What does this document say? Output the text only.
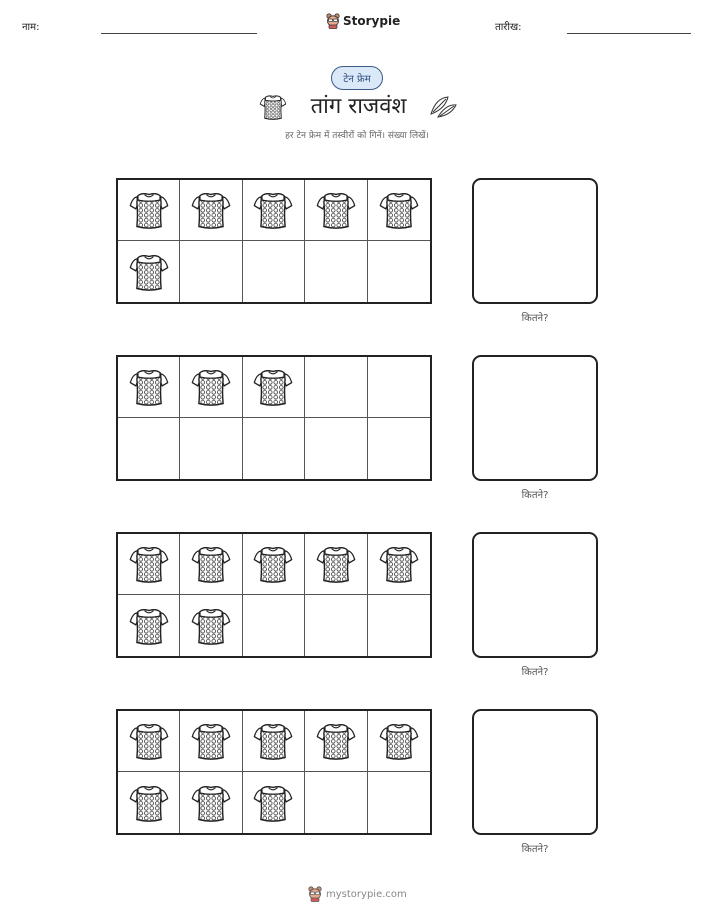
नाम:	Storypie	तारीख:
टेन फ्रेम
तांग राजवंश
हर टेन फ्रेम में तस्वीरों को गिनें। संख्या लिखें।
कितने?
कितने?
कितने?
कितने?
mystorypie.com
